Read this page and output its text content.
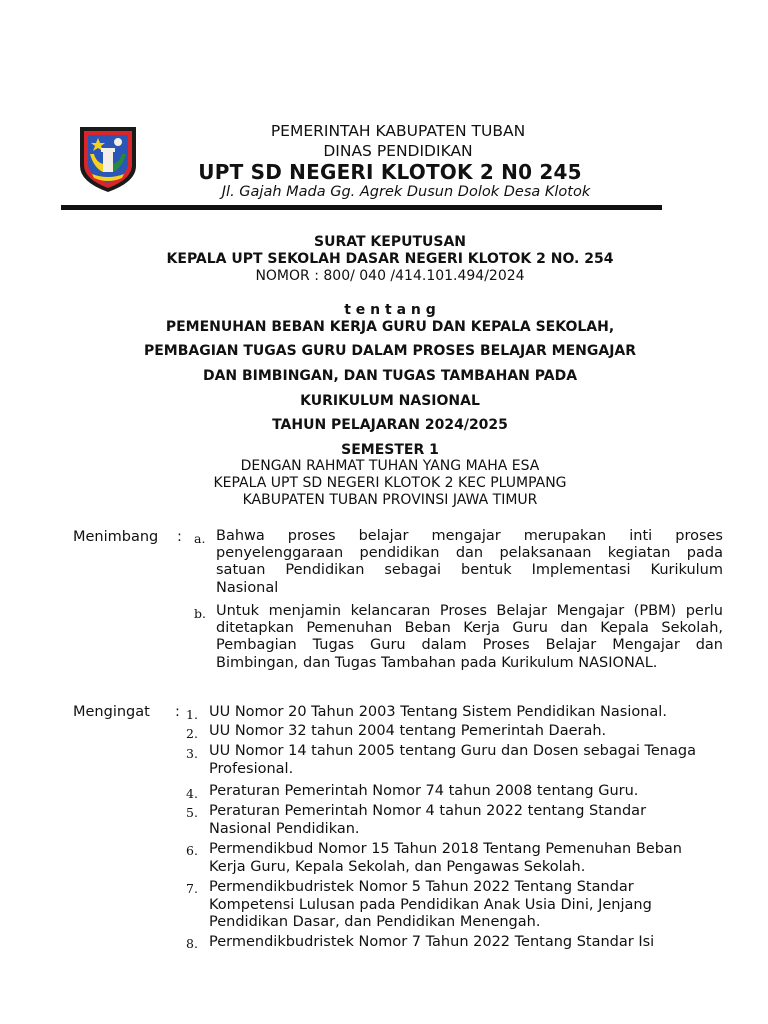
PEMERINTAH KABUPATEN TUBAN
DINAS PENDIDIKAN
UPT SD NEGERI KLOTOK 2 N0 245
Jl. Gajah Mada Gg. Agrek Dusun Dolok Desa Klotok
SURAT KEPUTUSAN
KEPALA UPT SEKOLAH DASAR NEGERI KLOTOK 2 NO. 254
NOMOR : 800/ 040 /414.101.494/2024
t e n t a n g
PEMENUHAN BEBAN KERJA GURU DAN KEPALA SEKOLAH,
PEMBAGIAN TUGAS GURU DALAM PROSES BELAJAR MENGAJAR
DAN BIMBINGAN, DAN TUGAS TAMBAHAN PADA
KURIKULUM NASIONAL
TAHUN PELAJARAN 2024/2025
SEMESTER 1
DENGAN RAHMAT TUHAN YANG MAHA ESA
KEPALA UPT SD NEGERI KLOTOK 2 KEC PLUMPANG
KABUPATEN TUBAN PROVINSI JAWA TIMUR
Menimbang : a. Bahwa proses belajar mengajar merupakan inti proses
penyelenggaraan pendidikan dan pelaksanaan kegiatan pada
satuan Pendidikan sebagai bentuk Implementasi Kurikulum
Nasional
b. Untuk menjamin kelancaran Proses Belajar Mengajar (PBM) perlu
ditetapkan Pemenuhan Beban Kerja Guru dan Kepala Sekolah,
Pembagian Tugas Guru dalam Proses Belajar Mengajar dan
Bimbingan, dan Tugas Tambahan pada Kurikulum NASIONAL.
Mengingat : 1. UU Nomor 20 Tahun 2003 Tentang Sistem Pendidikan Nasional.
2. UU Nomor 32 tahun 2004 tentang Pemerintah Daerah.
3. UU Nomor 14 tahun 2005 tentang Guru dan Dosen sebagai Tenaga
Profesional.
4. Peraturan Pemerintah Nomor 74 tahun 2008 tentang Guru.
5. Peraturan Pemerintah Nomor 4 tahun 2022 tentang Standar
Nasional Pendidikan.
6. Permendikbud Nomor 15 Tahun 2018 Tentang Pemenuhan Beban
Kerja Guru, Kepala Sekolah, dan Pengawas Sekolah.
7. Permendikbudristek Nomor 5 Tahun 2022 Tentang Standar
Kompetensi Lulusan pada Pendidikan Anak Usia Dini, Jenjang
Pendidikan Dasar, dan Pendidikan Menengah.
8. Permendikbudristek Nomor 7 Tahun 2022 Tentang Standar Isi
